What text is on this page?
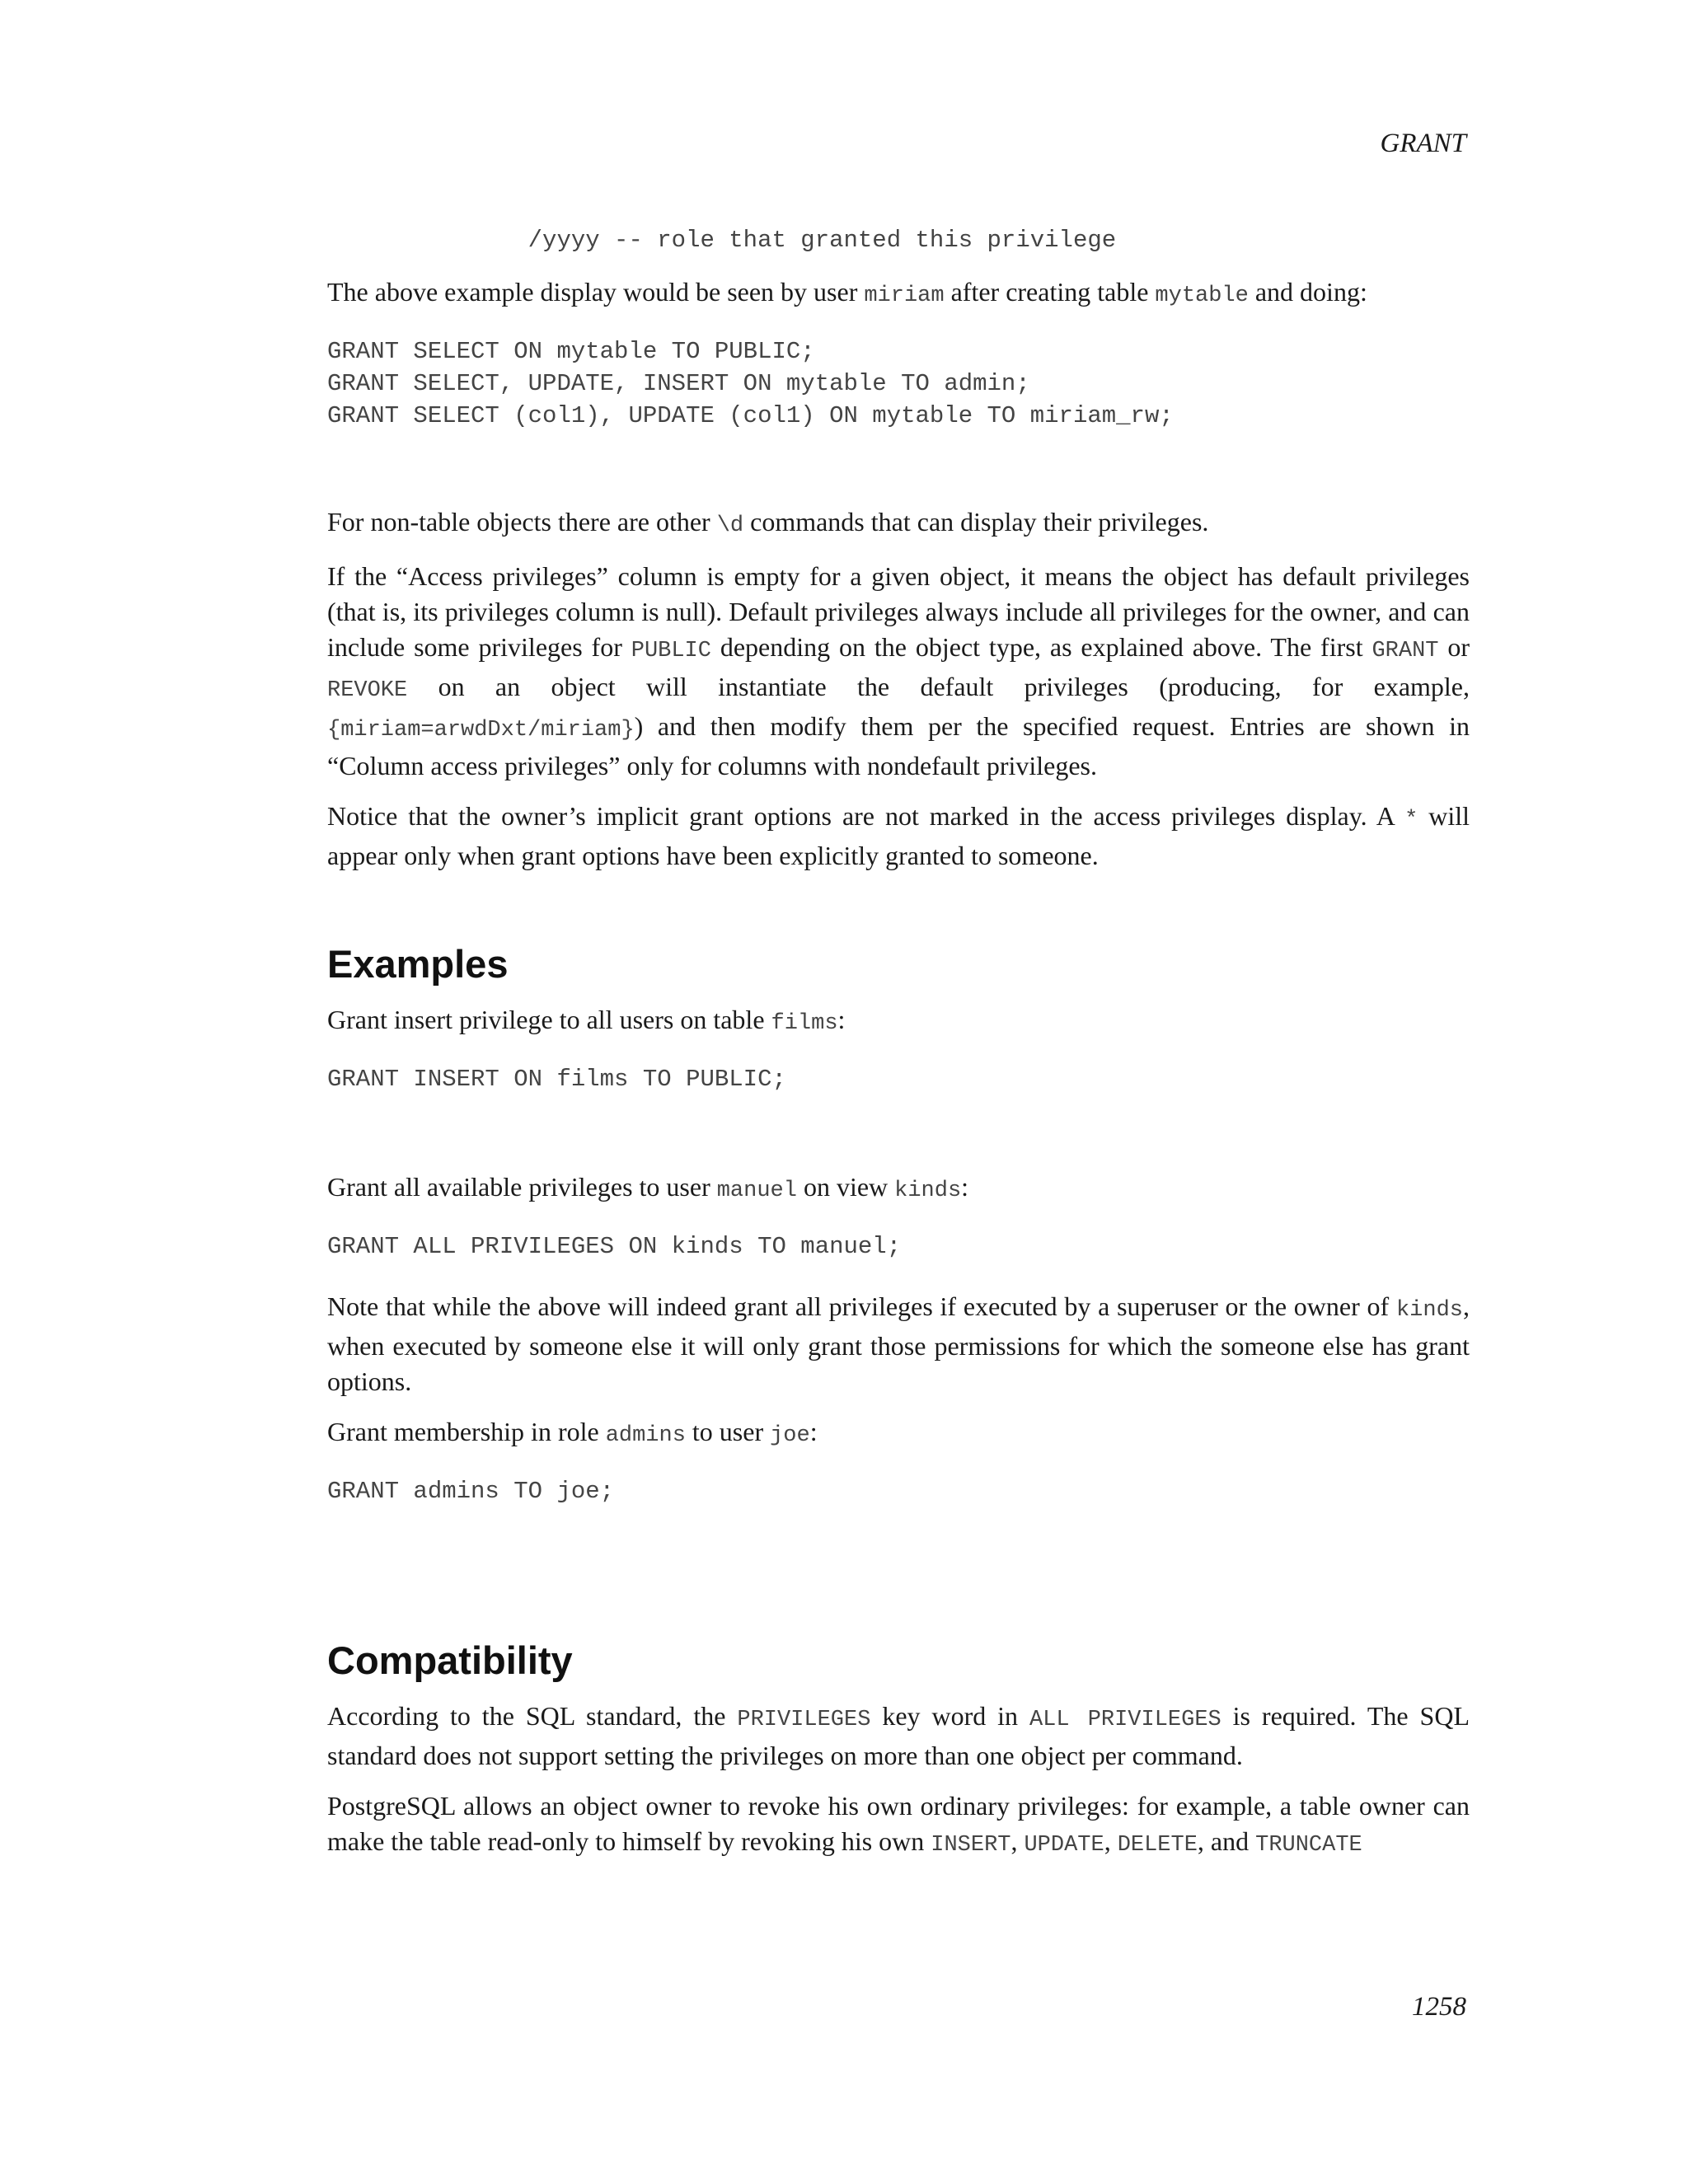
GRANT
/yyyy -- role that granted this privilege

The above example display would be seen by user miriam after creating table mytable and doing:

GRANT SELECT ON mytable TO PUBLIC;
GRANT SELECT, UPDATE, INSERT ON mytable TO admin;
GRANT SELECT (col1), UPDATE (col1) ON mytable TO miriam_rw;

For non-table objects there are other \d commands that can display their privileges.

If the “Access privileges” column is empty for a given object, it means the object has default privileges (that is, its privileges column is null). Default privileges always include all privileges for the owner, and can include some privileges for PUBLIC depending on the object type, as explained above. The first GRANT or REVOKE on an object will instantiate the default privileges (producing, for example, {miriam=arwdDxt/miriam}) and then modify them per the specified request. Entries are shown in “Column access privileges” only for columns with nondefault privileges.

Notice that the owner’s implicit grant options are not marked in the access privileges display. A * will appear only when grant options have been explicitly granted to someone.

Examples

Grant insert privilege to all users on table films:

GRANT INSERT ON films TO PUBLIC;

Grant all available privileges to user manuel on view kinds:

GRANT ALL PRIVILEGES ON kinds TO manuel;

Note that while the above will indeed grant all privileges if executed by a superuser or the owner of kinds, when executed by someone else it will only grant those permissions for which the someone else has grant options.

Grant membership in role admins to user joe:

GRANT admins TO joe;
Compatibility

According to the SQL standard, the PRIVILEGES key word in ALL PRIVILEGES is required. The SQL standard does not support setting the privileges on more than one object per command.

PostgreSQL allows an object owner to revoke his own ordinary privileges: for example, a table owner can make the table read-only to himself by revoking his own INSERT, UPDATE, DELETE, and TRUNCATE

1258
